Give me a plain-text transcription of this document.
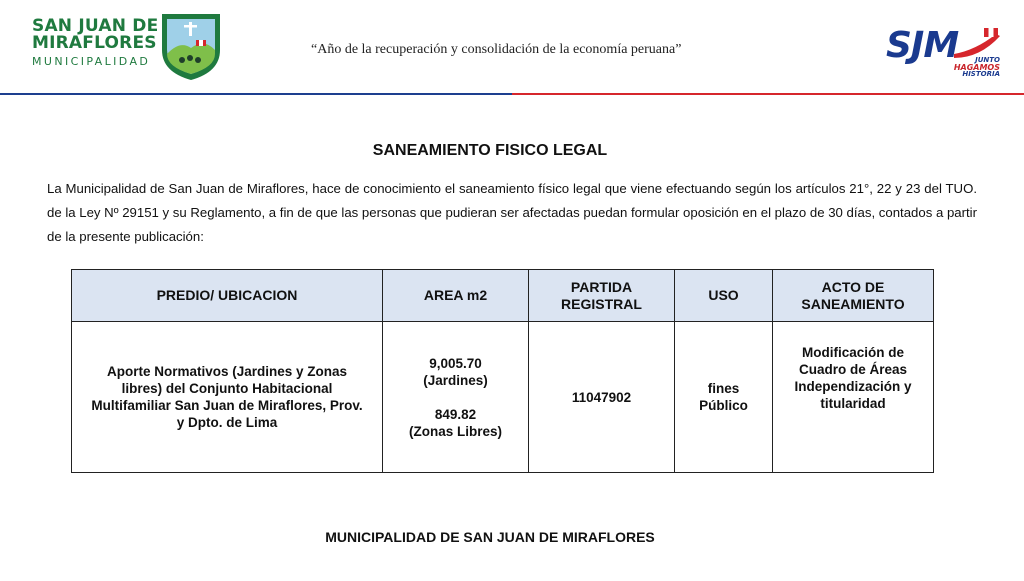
SAN JUAN DE
MIRAFLORES
MUNICIPALIDAD
“Año de la recuperación y consolidación de la economía peruana”	SJM	JUNTO
HAGAMOS
HISTORIA
SANEAMIENTO FISICO LEGAL
La Municipalidad de San Juan de Miraflores, hace de conocimiento el saneamiento físico legal que viene efectuando según los artículos 21°, 22 y 23 del TUO. de la Ley Nº 29151 y su Reglamento, a fin de que las personas que pudieran ser afectadas puedan formular oposición en el plazo de 30 días, contados a partir de la presente publicación:
PREDIO/ UBICACION	AREA m2	PARTIDA REGISTRAL	USO	ACTO DE SANEAMIENTO
Aporte Normativos (Jardines y Zonas libres) del Conjunto Habitacional Multifamiliar San Juan de Miraflores, Prov. y Dpto. de Lima	9,005.70
(Jardines)
849.82
(Zonas Libres)	11047902	fines Público	Modificación de Cuadro de Áreas Independización y titularidad
MUNICIPALIDAD DE SAN JUAN DE MIRAFLORES
